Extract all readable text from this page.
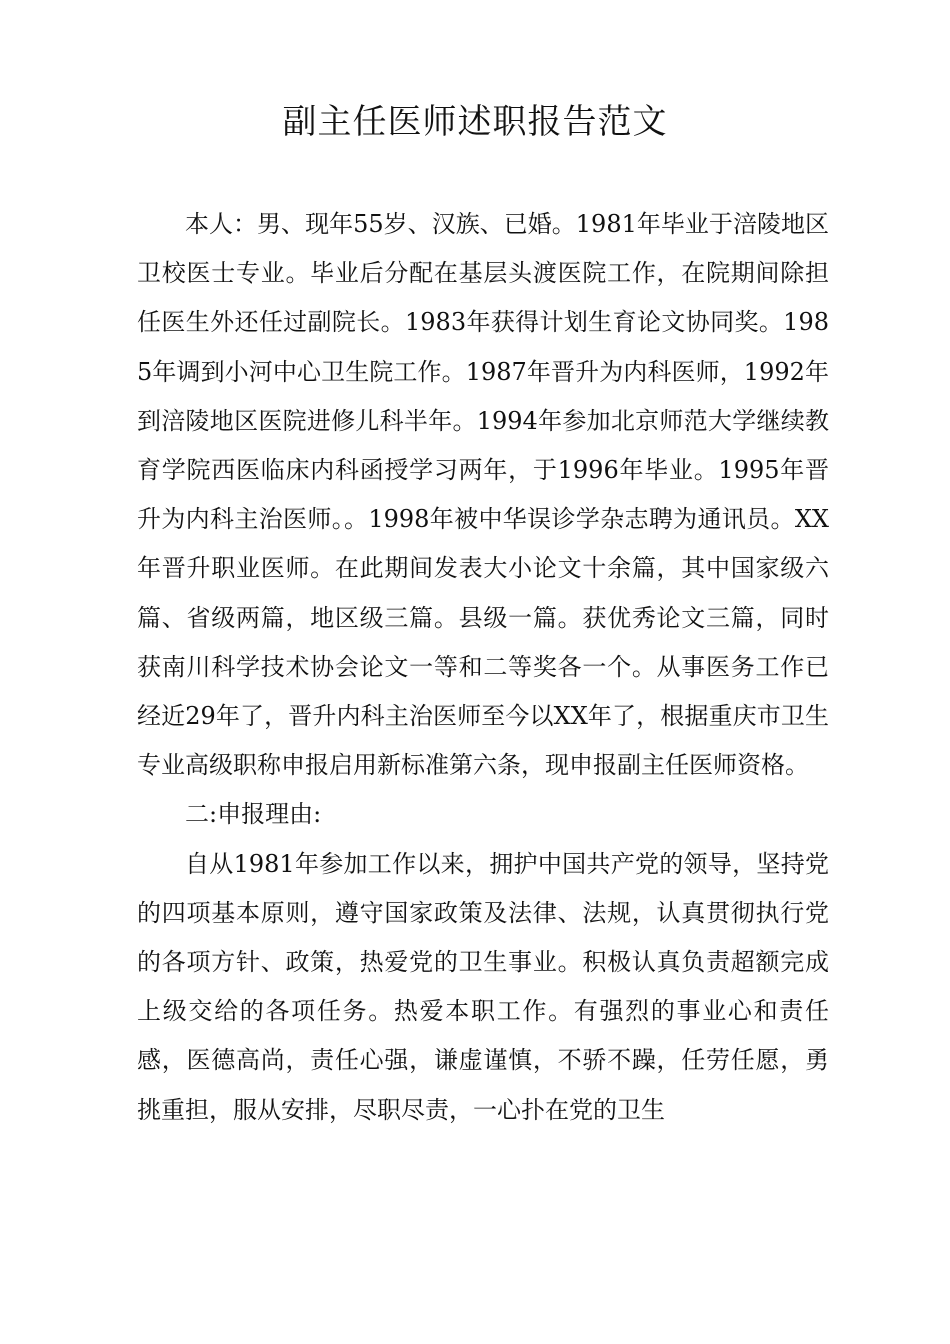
副主任医师述职报告范文

本人：男、现年55岁、汉族、已婚。1981年毕业于涪陵地区卫校医士专业。毕业后分配在基层头渡医院工作，在院期间除担任医生外还任过副院长。1983年获得计划生育论文协同奖。1985年调到小河中心卫生院工作。1987年晋升为内科医师，1992年到涪陵地区医院进修儿科半年。1994年参加北京师范大学继续教育学院西医临床内科函授学习两年，于1996年毕业。1995年晋升为内科主治医师。。1998年被中华误诊学杂志聘为通讯员。XX年晋升职业医师。在此期间发表大小论文十余篇，其中国家级六篇、省级两篇，地区级三篇。县级一篇。获优秀论文三篇，同时获南川科学技术协会论文一等和二等奖各一个。从事医务工作已经近29年了，晋升内科主治医师至今以XX年了，根据重庆市卫生专业高级职称申报启用新标准第六条，现申报副主任医师资格。

二:申报理由:

自从1981年参加工作以来，拥护中国共产党的领导，坚持党的四项基本原则，遵守国家政策及法律、法规，认真贯彻执行党的各项方针、政策，热爱党的卫生事业。积极认真负责超额完成上级交给的各项任务。热爱本职工作。有强烈的事业心和责任感，医德高尚，责任心强，谦虚谨慎，不骄不躁，任劳任愿，勇挑重担，服从安排，尽职尽责，一心扑在党的卫生
